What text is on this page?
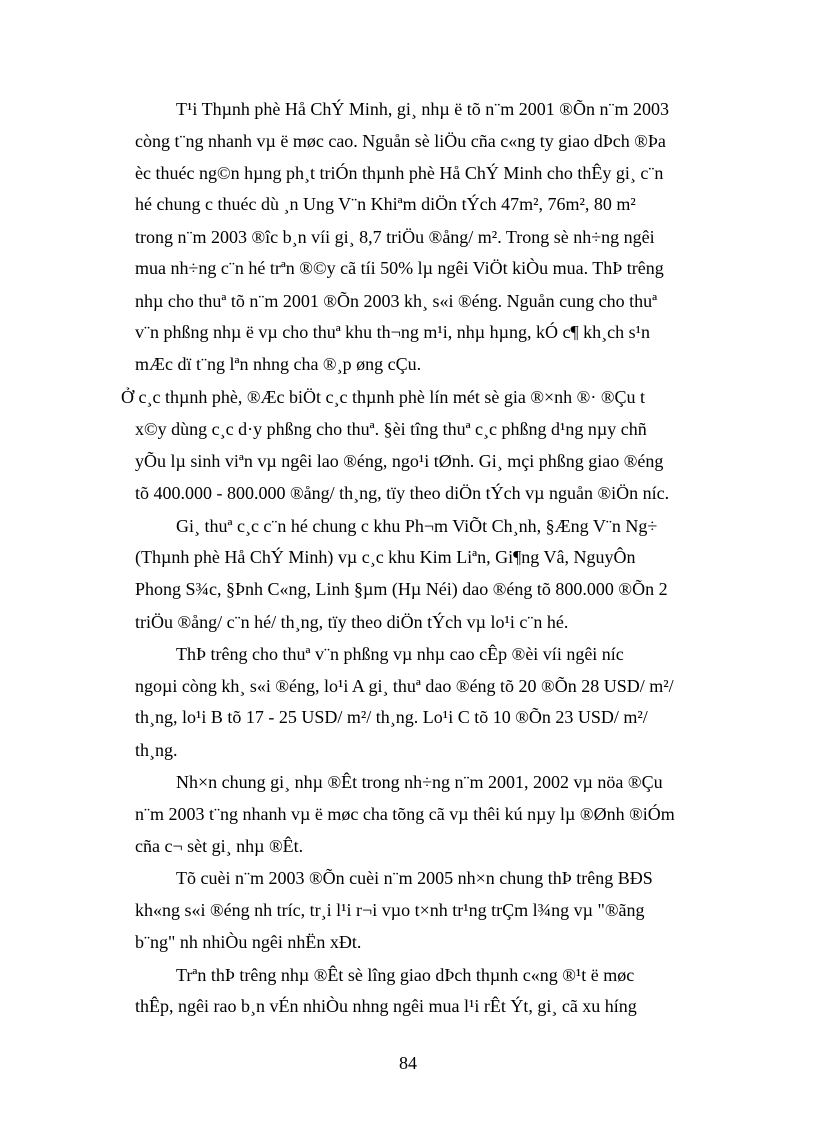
T¹i Thµnh phè Hå ChÝ Minh, gi¸ nhµ ë tõ n¨m 2001 ®Õn n¨m 2003
còng t¨ng nhanh vµ ë møc cao. Nguån sè liÖu cña c«ng ty giao dÞch ®Þa
èc thuéc ng©n hµng ph¸t triÓn thµnh phè Hå ChÝ Minh cho thÊy gi¸ c¨n
hé chung c thuéc dù ¸n Ung V¨n Khiªm diÖn tÝch 47m², 76m², 80 m²
trong n¨m 2003 ®îc b¸n víi gi¸ 8,7 triÖu ®ång/ m². Trong sè nh÷ng ngêi
mua nh÷ng c¨n hé trªn ®©y cã tíi 50% lµ ngêi ViÖt kiÒu mua. ThÞ trêng
nhµ cho thuª tõ n¨m 2001 ®Õn 2003 kh¸ s«i ®éng. Nguån cung cho thuª
v¨n phßng nhµ ë vµ cho thuª khu th¬ng m¹i, nhµ hµng, kÓ c¶ kh¸ch s¹n
mÆc dï t¨ng lªn nhng cha ®¸p øng cÇu.
Ở c¸c thµnh phè, ®Æc biÖt c¸c thµnh phè lín mét sè gia ®×nh ®· ®Çu t
x©y dùng c¸c d·y phßng cho thuª. §èi tîng thuª c¸c phßng d¹ng nµy chñ
yÕu lµ sinh viªn vµ ngêi lao ®éng, ngo¹i tØnh. Gi¸ mçi phßng giao ®éng
tõ 400.000 - 800.000 ®ång/ th¸ng, tïy theo diÖn tÝch vµ nguån ®iÖn níc.
Gi¸ thuª c¸c c¨n hé chung c khu Ph¬m ViÕt Ch¸nh, §Æng V¨n Ng÷
(Thµnh phè Hå ChÝ Minh) vµ c¸c khu Kim Liªn, Gi¶ng Vâ, NguyÔn
Phong S¾c, §Þnh C«ng, Linh §µm (Hµ Néi) dao ®éng tõ 800.000 ®Õn 2
triÖu ®ång/ c¨n hé/ th¸ng, tïy theo diÖn tÝch vµ lo¹i c¨n hé.
ThÞ trêng cho thuª v¨n phßng vµ nhµ cao cÊp ®èi víi ngêi níc
ngoµi còng kh¸ s«i ®éng, lo¹i A gi¸ thuª dao ®éng tõ 20 ®Õn 28 USD/ m²/
th¸ng, lo¹i B tõ 17 - 25 USD/ m²/ th¸ng. Lo¹i C tõ 10 ®Õn 23 USD/ m²/
th¸ng.
Nh×n chung gi¸ nhµ ®Êt trong nh÷ng n¨m 2001, 2002 vµ nöa ®Çu
n¨m 2003 t¨ng nhanh vµ ë møc cha tõng cã vµ thêi kú nµy lµ ®Ønh ®iÓm
cña c¬ sèt gi¸ nhµ ®Êt.
Tõ cuèi n¨m 2003 ®Õn cuèi n¨m 2005 nh×n chung thÞ trêng BĐS
kh«ng s«i ®éng nh tríc, tr¸i l¹i r¬i vµo t×nh tr¹ng trÇm l¾ng vµ "®ãng
b¨ng" nh nhiÒu ngêi nhËn xÐt.
Trªn thÞ trêng nhµ ®Êt sè lîng giao dÞch thµnh c«ng ®¹t ë møc
thÊp, ngêi rao b¸n vÉn nhiÒu nhng ngêi mua l¹i rÊt Ýt, gi¸ cã xu híng
84
